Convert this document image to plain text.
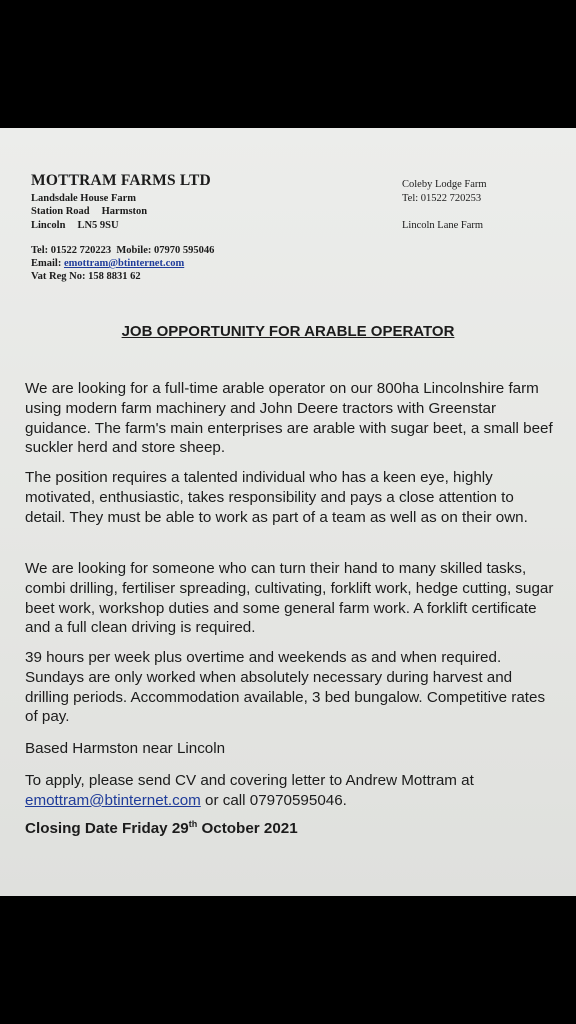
MOTTRAM FARMS LTD
Landsdale House Farm
Station Road Harmston
Lincoln LN5 9SU
Coleby Lodge Farm
Tel: 01522 720253
Lincoln Lane Farm
Tel: 01522 720223 Mobile: 07970 595046
Email: emottram@btinternet.com
Vat Reg No: 158 8831 62
JOB OPPORTUNITY FOR ARABLE OPERATOR
We are looking for a full-time arable operator on our 800ha Lincolnshire farm using modern farm machinery and John Deere tractors with Greenstar guidance. The farm's main enterprises are arable with sugar beet, a small beef suckler herd and store sheep.
The position requires a talented individual who has a keen eye, highly motivated, enthusiastic, takes responsibility and pays a close attention to detail. They must be able to work as part of a team as well as on their own.
We are looking for someone who can turn their hand to many skilled tasks, combi drilling, fertiliser spreading, cultivating, forklift work, hedge cutting, sugar beet work, workshop duties and some general farm work. A forklift certificate and a full clean driving is required.
39 hours per week plus overtime and weekends as and when required. Sundays are only worked when absolutely necessary during harvest and drilling periods. Accommodation available, 3 bed bungalow. Competitive rates of pay.
Based Harmston near Lincoln
To apply, please send CV and covering letter to Andrew Mottram at
emottram@btinternet.com or call 07970595046.
Closing Date Friday 29th October 2021
